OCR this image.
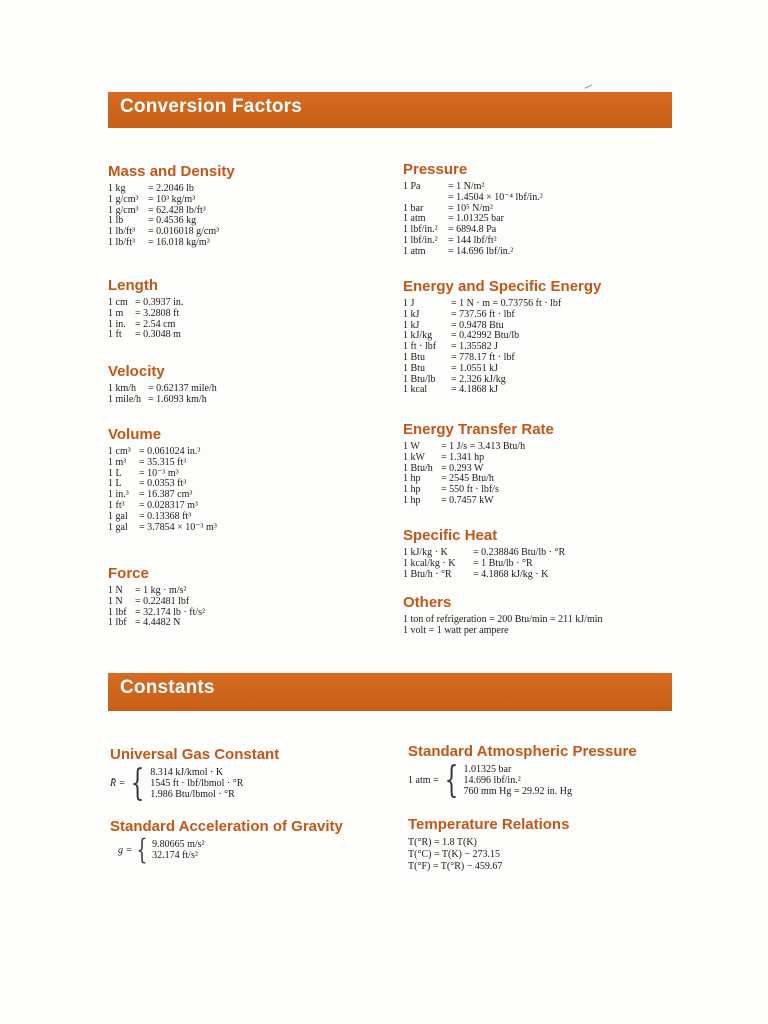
Conversion Factors
Mass and Density
1 kg	= 2.2046 lb
1 g/cm³ = 10³ kg/m³
1 g/cm³ = 62.428 lb/ft³
1 lb	= 0.4536 kg
1 lb/ft³	= 0.016018 g/cm³
1 lb/ft³	= 16.018 kg/m³
Length
1 cm = 0.3937 in.
1 m	= 3.2808 ft
1 in. = 2.54 cm
1 ft	= 0.3048 m
Velocity
1 km/h	= 0.62137 mile/h
1 mile/h = 1.6093 km/h
Volume
1 cm³ = 0.061024 in.³
1 m³	= 35.315 ft³
1 L	= 10⁻³ m³
1 L	= 0.0353 ft³
1 in.³	= 16.387 cm³
1 ft³	= 0.028317 m³
1 gal	= 0.13368 ft³
1 gal	= 3.7854 × 10⁻³ m³
Force
1 N	= 1 kg · m/s²
1 N	= 0.22481 lbf
1 lbf = 32.174 lb · ft/s²
1 lbf = 4.4482 N
Pressure
1 Pa	= 1 N/m²
= 1.4504 × 10⁻⁴ lbf/in.²
1 bar	= 10⁵ N/m²
1 atm	= 1.01325 bar
1 lbf/in.²	= 6894.8 Pa
1 lbf/in.²	= 144 lbf/ft²
1 atm	= 14.696 lbf/in.²
Energy and Specific Energy
1 J	= 1 N · m = 0.73756 ft · lbf
1 kJ	= 737.56 ft · lbf
1 kJ	= 0.9478 Btu
1 kJ/kg	= 0.42992 Btu/lb
1 ft · lbf	= 1.35582 J
1 Btu	= 778.17 ft · lbf
1 Btu	= 1.0551 kJ
1 Btu/lb	= 2.326 kJ/kg
1 kcal	= 4.1868 kJ
Energy Transfer Rate
1 W	= 1 J/s = 3.413 Btu/h
1 kW	= 1.341 hp
1 Btu/h = 0.293 W
1 hp	= 2545 Btu/h
1 hp	= 550 ft · lbf/s
1 hp	= 0.7457 kW
Specific Heat
1 kJ/kg · K	= 0.238846 Btu/lb · °R
1 kcal/kg · K	= 1 Btu/lb · °R
1 Btu/h · °R	= 4.1868 kJ/kg · K
Others
1 ton of refrigeration = 200 Btu/min = 211 kJ/min
1 volt = 1 watt per ampere
Constants
Universal Gas Constant
R̄ = { 8.314 kJ/kmol · K
1545 ft · lbf/lbmol · °R
1.986 Btu/lbmol · °R
Standard Acceleration of Gravity
g = { 9.80665 m/s²
32.174 ft/s²
Standard Atmospheric Pressure
1 atm = { 1.01325 bar
14.696 lbf/in.²
760 mm Hg = 29.92 in. Hg
Temperature Relations
T(°R) = 1.8 T(K)
T(°C) = T(K) − 273.15
T(°F) = T(°R) − 459.67
